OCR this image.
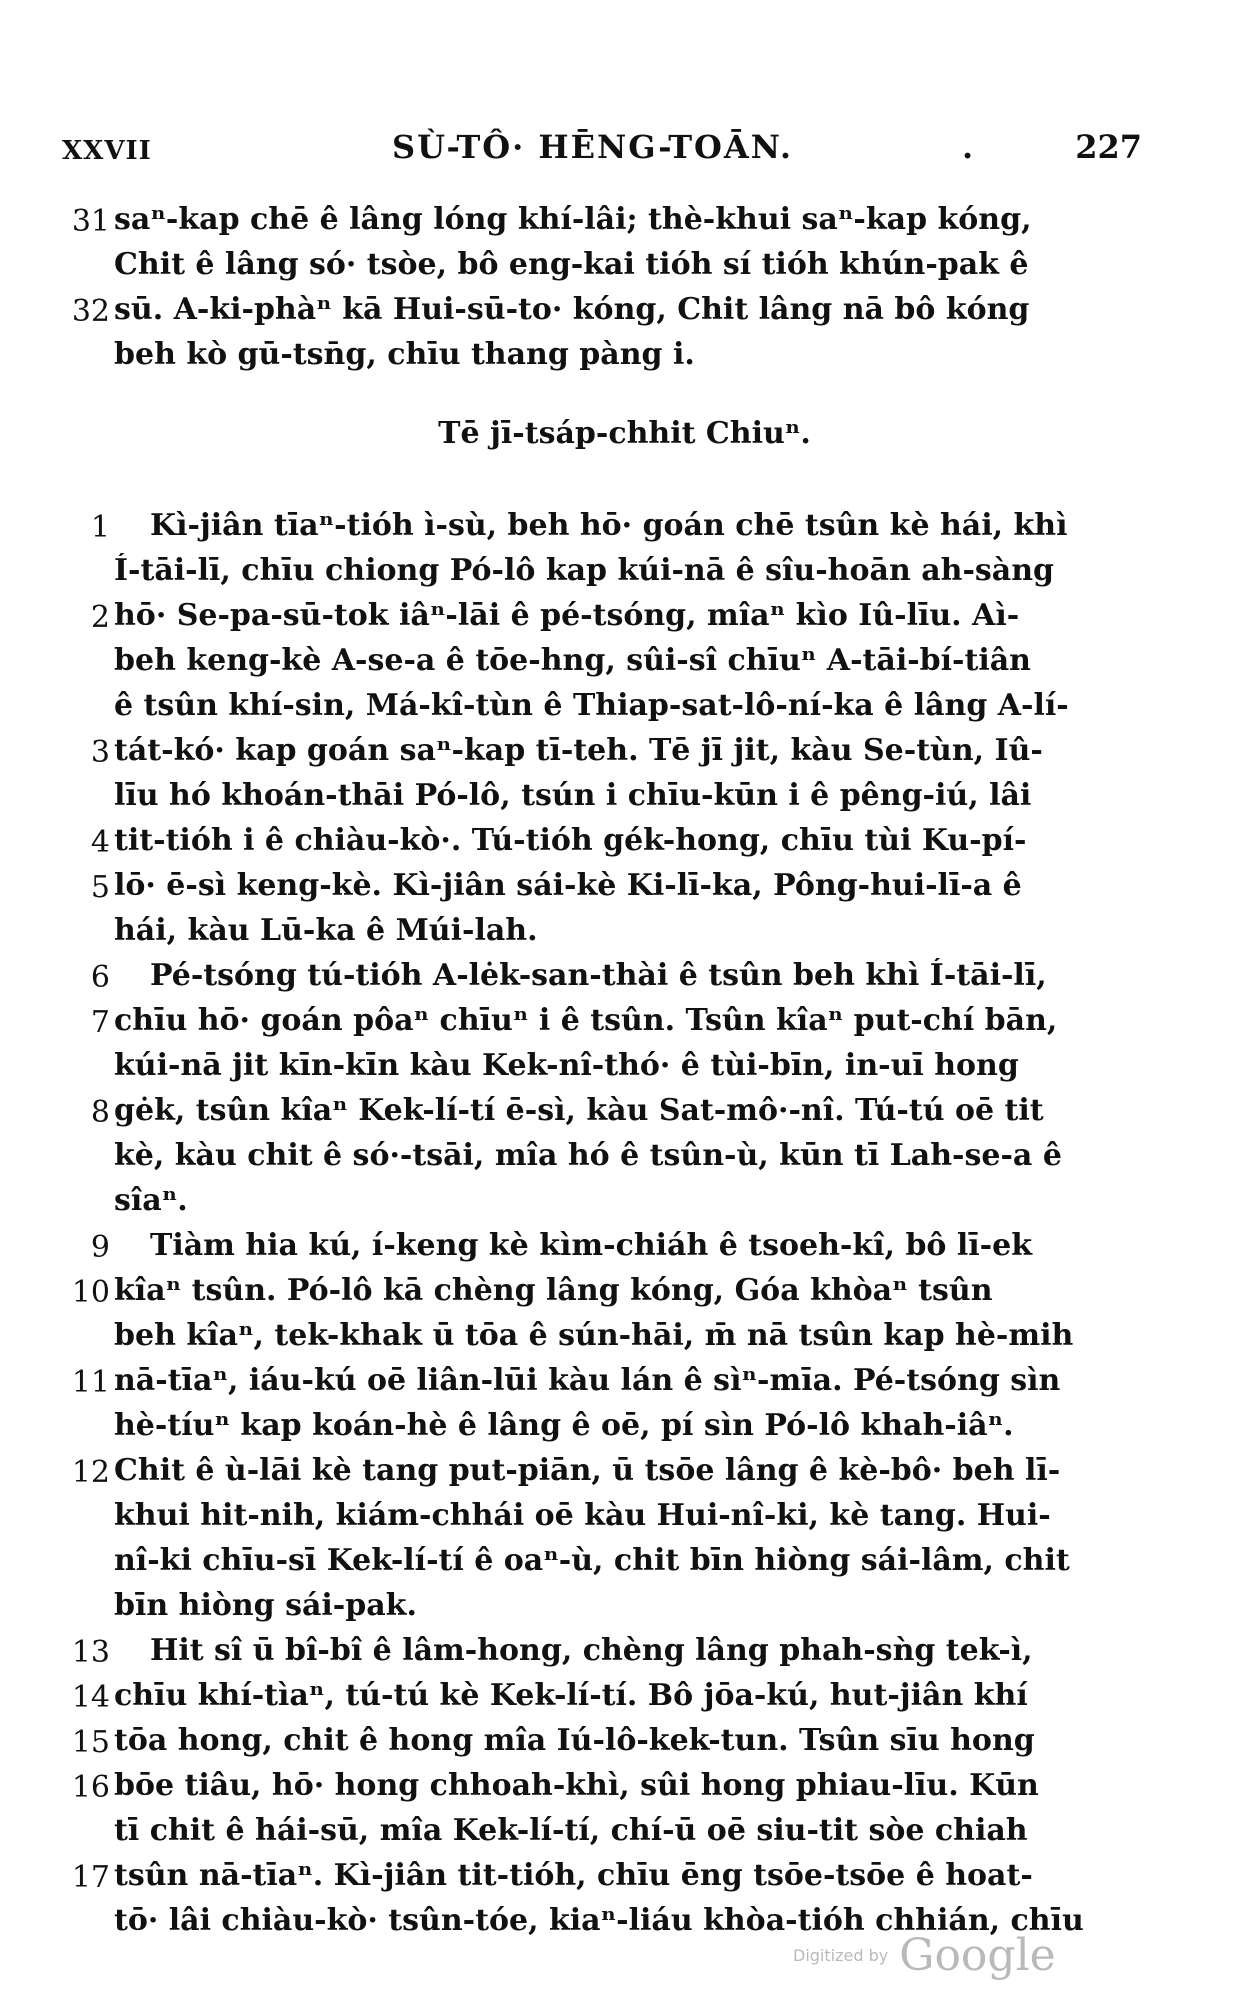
XXVII	SÙ-TÔ· HĒNG-TOĀN.	.	227
31 saⁿ-kap chē ê lâng lóng khí-lâi; thè-khui saⁿ-kap kóng,
Chit ê lâng só· tsòe, bô eng-kai tióh sí tióh khún-pak ê
32 sū. A-ki-phàⁿ kā Hui-sū-to· kóng, Chit lâng nā bô kóng
beh kò gū-tsn̄g, chīu thang pàng i.
Tē jī-tsáp-chhit Chiuⁿ.
1 Kì-jiân tīaⁿ-tióh ì-sù, beh hō· goán chē tsûn kè hái, khì
Í-tāi-lī, chīu chiong Pó-lô kap kúi-nā ê sîu-hoān ah-sàng
2 hō· Se-pa-sū-tok iâⁿ-lāi ê pé-tsóng, mîaⁿ kìo Iû-līu. Aì-
beh keng-kè A-se-a ê tōe-hng, sûi-sî chīuⁿ A-tāi-bí-tiân
ê tsûn khí-sin, Má-kî-tùn ê Thiap-sat-lô-ní-ka ê lâng A-lí-
3 tát-kó· kap goán saⁿ-kap tī-teh. Tē jī jit, kàu Se-tùn, Iû-
līu hó khoán-thāi Pó-lô, tsún i chīu-kūn i ê pêng-iú, lâi
4 tit-tióh i ê chiàu-kò·. Tú-tióh gék-hong, chīu tùi Ku-pí-
5 lō· ē-sì keng-kè. Kì-jiân sái-kè Ki-lī-ka, Pông-hui-lī-a ê
hái, kàu Lū-ka ê Múi-lah.
6 Pé-tsóng tú-tióh A-lėk-san-thài ê tsûn beh khì Í-tāi-lī,
7 chīu hō· goán pôaⁿ chīuⁿ i ê tsûn. Tsûn kîaⁿ put-chí bān,
kúi-nā jit kīn-kīn kàu Kek-nî-thó· ê tùi-bīn, in-uī hong
8 gėk, tsûn kîaⁿ Kek-lí-tí ē-sì, kàu Sat-mô·-nî. Tú-tú oē tit
kè, kàu chit ê só·-tsāi, mîa hó ê tsûn-ù, kūn tī Lah-se-a ê
sîaⁿ.
9 Tiàm hia kú, í-keng kè kìm-chiáh ê tsoeh-kî, bô lī-ek
10 kîaⁿ tsûn. Pó-lô kā chèng lâng kóng, Góa khòaⁿ tsûn
beh kîaⁿ, tek-khak ū tōa ê sún-hāi, m̄ nā tsûn kap hè-mih
11 nā-tīaⁿ, iáu-kú oē liân-lūi kàu lán ê sìⁿ-mīa. Pé-tsóng sìn
hè-tíuⁿ kap koán-hè ê lâng ê oē, pí sìn Pó-lô khah-iâⁿ.
12 Chit ê ù-lāi kè tang put-piān, ū tsōe lâng ê kè-bô· beh lī-
khui hit-nih, kiám-chhái oē kàu Hui-nî-ki, kè tang. Hui-
nî-ki chīu-sī Kek-lí-tí ê oaⁿ-ù, chit bīn hiòng sái-lâm, chit
bīn hiòng sái-pak.
13 Hit sî ū bî-bî ê lâm-hong, chèng lâng phah-sǹg tek-ì,
14 chīu khí-tìaⁿ, tú-tú kè Kek-lí-tí. Bô jōa-kú, hut-jiân khí
15 tōa hong, chit ê hong mîa Iú-lô-kek-tun. Tsûn sīu hong
16 bōe tiâu, hō· hong chhoah-khì, sûi hong phiau-līu. Kūn
tī chit ê hái-sū, mîa Kek-lí-tí, chí-ū oē siu-tit sòe chiah
17 tsûn nā-tīaⁿ. Kì-jiân tit-tióh, chīu ēng tsōe-tsōe ê hoat-
tō· lâi chiàu-kò· tsûn-tóe, kiaⁿ-liáu khòa-tióh chhián, chīu
Digitized by Google
